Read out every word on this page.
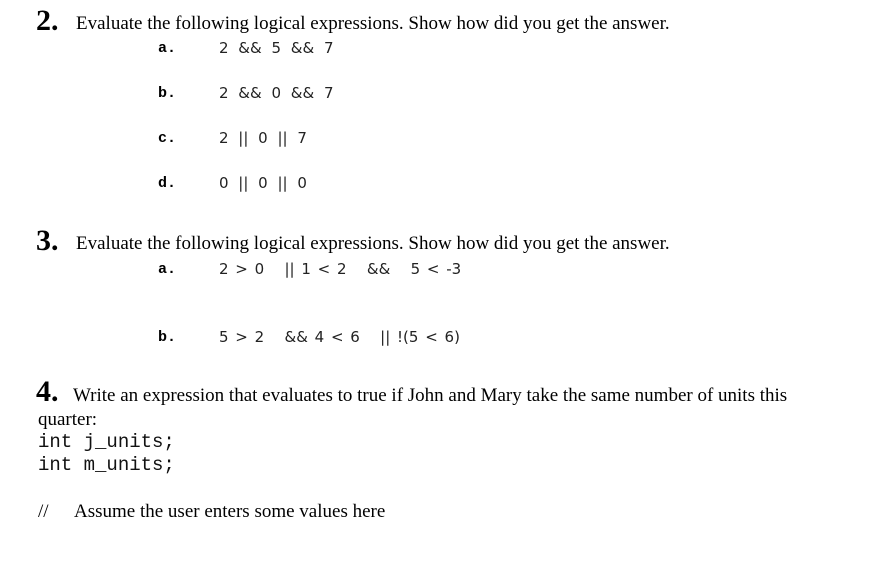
2. Evaluate the following logical expressions. Show how did you get the answer.
a.	2 && 5 && 7
b.	2 && 0 && 7
c.	2 || 0 || 7
d.	0 || 0 || 0
3. Evaluate the following logical expressions. Show how did you get the answer.
a.	2 > 0   || 1 < 2   &&   5 < -3
b.	5 > 2   && 4 < 6   || !(5 < 6)
4. Write an expression that evaluates to true if John and Mary take the same number of units this
quarter:
int j_units;
int m_units;
// Assume the user enters some values here
